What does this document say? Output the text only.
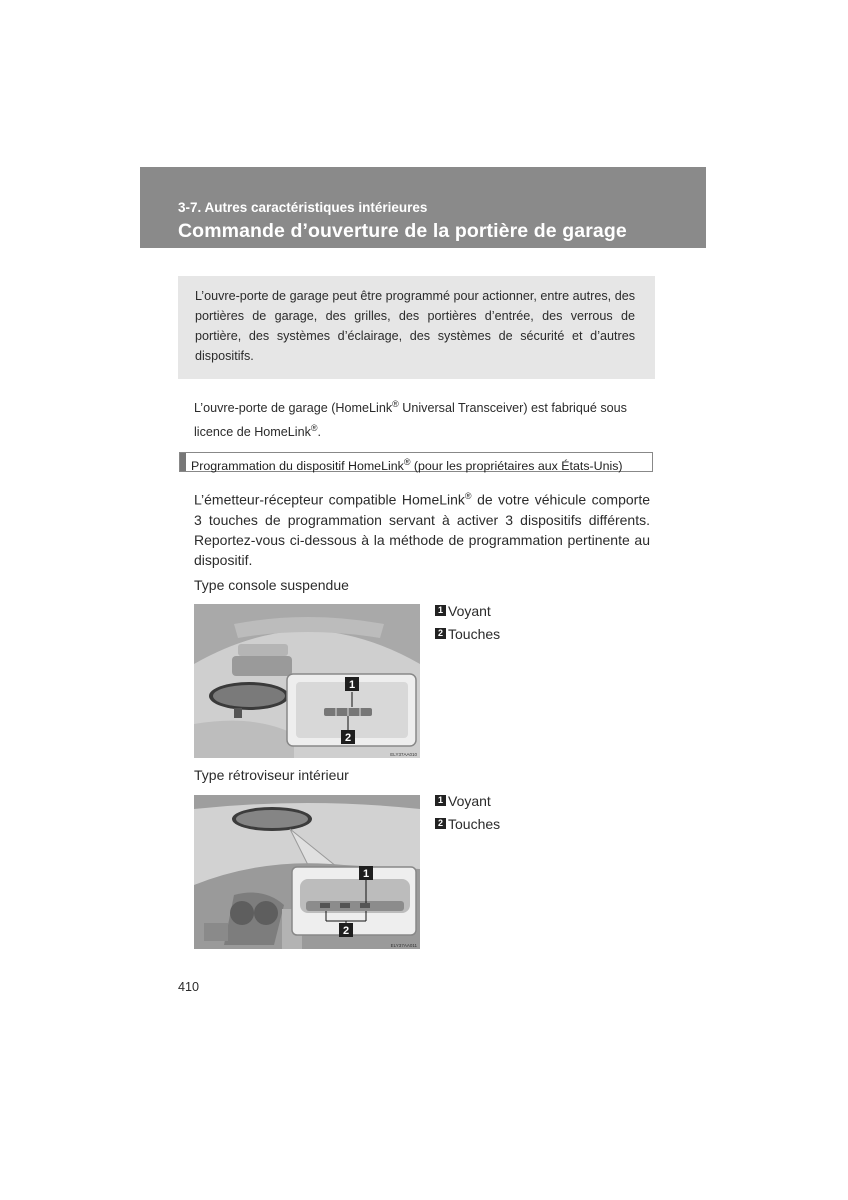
3-7. Autres caractéristiques intérieures
Commande d’ouverture de la portière de garage

L’ouvre-porte de garage peut être programmé pour actionner, entre autres, des portières de garage, des grilles, des portières d’entrée, des verrous de portière, des systèmes d’éclairage, des systèmes de sécurité et d’autres dispositifs.

L’ouvre-porte de garage (HomeLink® Universal Transceiver) est fabriqué sous licence de HomeLink®.
Programmation du dispositif HomeLink® (pour les propriétaires aux États-Unis)
L’émetteur-récepteur compatible HomeLink® de votre véhicule comporte 3 touches de programmation servant à activer 3 dispositifs différents. Reportez-vous ci-dessous à la méthode de programmation pertinente au dispositif.
Type console suspendue
1
2
ELY37AA010
1 Voyant
2 Touches
Type rétroviseur intérieur
1
2
ELY37AA011
1 Voyant
2 Touches
410
